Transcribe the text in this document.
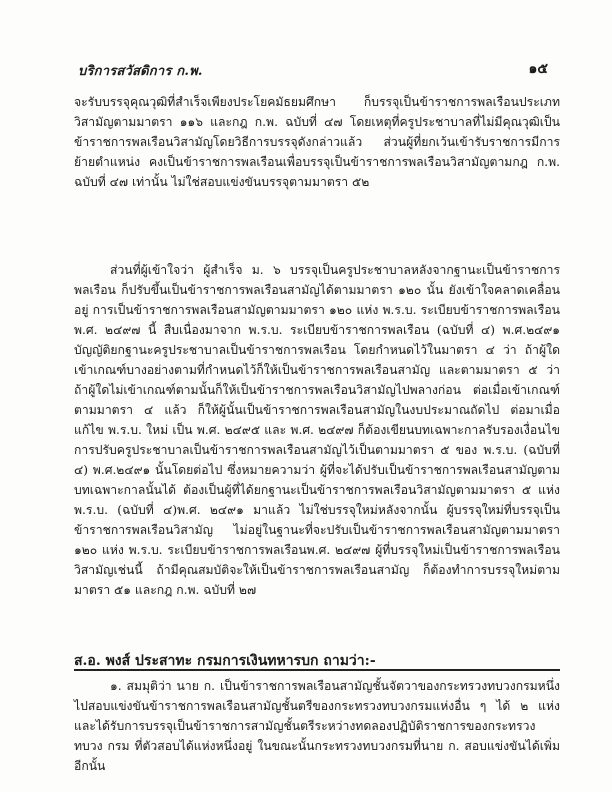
บริการสวัสดิการ ก.พ.	๑๕

จะรับบรรจุคุณวุฒิที่สำเร็จเพียงประโยคมัธยมศึกษา ก็บรรจุเป็นข้าราชการพลเรือนประเภทวิสามัญตามมาตรา ๑๑๖ และกฎ ก.พ. ฉบับที่ ๔๗ โดยเหตุที่ครูประชาบาลที่ไม่มีคุณวุฒิเป็นข้าราชการพลเรือนวิสามัญโดยวิธีการบรรจุดังกล่าวแล้ว ส่วนผู้ที่ยกเว้นเข้ารับราชการมีการย้ายตำแหน่ง คงเป็นข้าราชการพลเรือนเพื่อบรรจุเป็นข้าราชการพลเรือนวิสามัญตามกฎ ก.พ. ฉบับที่ ๔๗ เท่านั้น ไม่ใช่สอบแข่งขันบรรจุตามมาตรา ๕๒

ส่วนที่ผู้เข้าใจว่า ผู้สำเร็จ ม. ๖ บรรจุเป็นครูประชาบาลหลังจากฐานะเป็นข้าราชการพลเรือน ก็ปรับขึ้นเป็นข้าราชการพลเรือนสามัญได้ตามมาตรา ๑๒๐ นั้น ยังเข้าใจคลาดเคลื่อนอยู่ การเป็นข้าราชการพลเรือนสามัญตามมาตรา ๑๒๐ แห่ง พ.ร.บ. ระเบียบข้าราชการพลเรือน พ.ศ. ๒๔๙๗ นี้ สืบเนื่องมาจาก พ.ร.บ. ระเบียบข้าราชการพลเรือน (ฉบับที่ ๔) พ.ศ.๒๔๙๑ บัญญัติยกฐานะครูประชาบาลเป็นข้าราชการพลเรือน โดยกำหนดไว้ในมาตรา ๔ ว่า ถ้าผู้ใดเข้าเกณฑ์บางอย่างตามที่กำหนดไว้ก็ให้เป็นข้าราชการพลเรือนสามัญ และตามมาตรา ๕ ว่า ถ้าผู้ใดไม่เข้าเกณฑ์ตามนั้นก็ให้เป็นข้าราชการพลเรือนวิสามัญไปพลางก่อน ต่อเมื่อเข้าเกณฑ์ตามมาตรา ๔ แล้ว ก็ให้ผู้นั้นเป็นข้าราชการพลเรือนสามัญในงบประมาณถัดไป ต่อมาเมื่อแก้ไข พ.ร.บ. ใหม่ เป็น พ.ศ. ๒๔๙๕ และ พ.ศ. ๒๔๙๗ ก็ต้องเขียนบทเฉพาะกาลรับรองเงื่อนไขการปรับครูประชาบาลเป็นข้าราชการพลเรือนสามัญไว้เป็นตามมาตรา ๕ ของ พ.ร.บ. (ฉบับที่ ๔) พ.ศ.๒๔๙๑ นั้นโดยต่อไป ซึ่งหมายความว่า ผู้ที่จะได้ปรับเป็นข้าราชการพลเรือนสามัญตามบทเฉพาะกาลนั้นได้ ต้องเป็นผู้ที่ได้ยกฐานะเป็นข้าราชการพลเรือนวิสามัญตามมาตรา ๕ แห่ง พ.ร.บ. (ฉบับที่ ๔)พ.ศ. ๒๔๙๑ มาแล้ว ไม่ใช่บรรจุใหม่หลังจากนั้น ผู้บรรจุใหม่ที่บรรจุเป็นข้าราชการพลเรือนวิสามัญ ไม่อยู่ในฐานะที่จะปรับเป็นข้าราชการพลเรือนสามัญตามมาตรา ๑๒๐ แห่ง พ.ร.บ. ระเบียบข้าราชการพลเรือนพ.ศ. ๒๔๙๗ ผู้ที่บรรจุใหม่เป็นข้าราชการพลเรือนวิสามัญเช่นนี้ ถ้ามีคุณสมบัติจะให้เป็นข้าราชการพลเรือนสามัญ ก็ต้องทำการบรรจุใหม่ตามมาตรา ๕๑ และกฎ ก.พ. ฉบับที่ ๒๗

ส.อ. พงส์ ประสาทะ กรมการเงินทหารบก ถามว่า:-

๑. สมมุติว่า นาย ก. เป็นข้าราชการพลเรือนสามัญชั้นจัตวาของกระทรวงทบวงกรมหนึ่งไปสอบแข่งขันข้าราชการพลเรือนสามัญชั้นตรีของกระทรวงทบวงกรมแห่งอื่น ๆ ได้ ๒ แห่ง และได้รับการบรรจุเป็นข้าราชการสามัญชั้นตรีระหว่างทดลองปฏิบัติราชการของกระทรวง ทบวง กรม ที่ตัวสอบได้แห่งหนึ่งอยู่ ในขณะนั้นกระทรวงทบวงกรมที่นาย ก. สอบแข่งขันได้เพิ่มอีกนั้น
